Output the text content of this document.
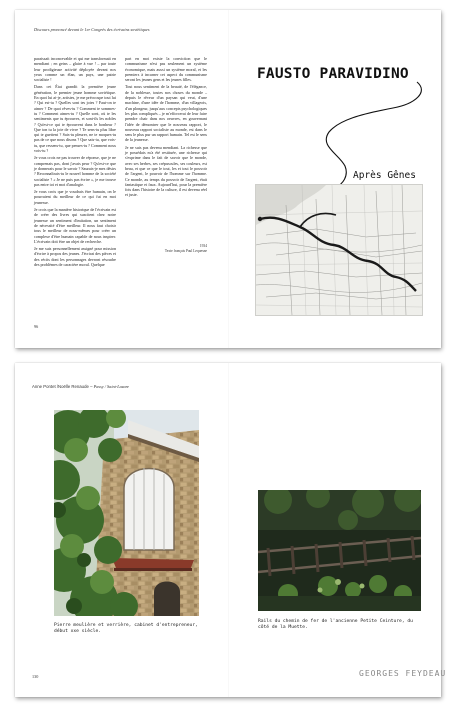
Discours prononcé devant le 1er Congrès des écrivains soviétiques

paraissait inconcevable et qui me transformait en mendiant ; en geins – glaire à vue ! – par toute leur prodigieuse activité déployée devant nos yeux comme un élan, un pays, une patrie socialiste !

Dans cet État grandit la première jeune génération, le premier jeune homme soviétique. En quoi lui ai-je, artistes, je me préoccupe tout lui ? Qui est-tu ? Quelles sont tes joies ? Faut-on te aimer ? De quoi rêves-tu ? Comment te sommes-tu ? Comment aimes-tu ? Quelle sont, où te les sentiments que tu éprouves, et sont-ils les nobles ? Qu'est-ce qui te éprouvent dans le bonheur ? Que ton tu la joie de vivre ? Te sens-tu plus libre qui te guettent ? Sais-tu pleurer, ne te moques-tu pas de ce que nous disons ? Que sais-tu, que vois-tu, que ressens-tu, que penses-tu ? Comment nous vois-tu ?

Je vous crois ne pas trouver de réponse, que je ne comprenais pas, dont j'avais peur ? Qu'est-ce que je donnerais pour le savoir ? Saurais-je mes désirs ? Reconnaîtrais-tu le nouvel homme de la société socialiste ? « Je ne puis pas écrire », je me trouve pas entre toi et moi d'analogie.

Je vous crois que je voudrais être humain, on le pourraient du meilleur de ce qui fut en moi jeunesse.

Je crois que la manière historique de l'écrivain est de créer des livres qui suscitent chez notre jeunesse un sentiment d'imitation, un sentiment de nécessité d'être meilleur. Il nous faut choisir tous le meilleur de nous-mêmes pour créer un complexe d'être humain capable de nous inspirer. L'écrivain doit être un objet de recherche.

Je me suis personnellement assigné pour mission d'écrire à propos des jeunes. J'écrirai des pièces et des récits dont les personnages devront résoudre des problèmes de caractère moral. Quelque

part en moi existe la conviction que le communisme n'est pas seulement un système économique, mais aussi un système moral, et les premiers à incarner cet aspect du communisme seront les jeunes gens et les jeunes filles.

Tout nous sentiment de la beauté, de l'élégance, de la noblesse, toutes nos choses du monde – depuis le rêveur d'un paysan qui veut, d'une machine, d'une idée de l'homme, d'un villageois, d'un plongeur, jusqu'aux concepts psychologiques les plus compliqués – je m'efforcerai de leur faire prendre chair dans nos oeuvres, en gouvernant l'idée de démontrer que le nouveau rapport, le nouveau rapport socialiste au monde, est dans le sens le plus pur un rapport humain. Tel est le sens de la jeunesse.

Je ne suis pas devenu mendiant. La richesse que je possédais m'a été restituée, une richesse qui s'exprime dans le fait de savoir que le monde, avec ses herbes, ses crépuscules, ses couleurs, est beau, et que ce que le tout, les et tout le pouvoir de l'argent, le pouvoir de l'homme sur l'homme. Ce monde, au temps du pouvoir de l'argent, était fantastique et faux. Aujourd'hui, pour la première fois dans l'histoire de la culture, il est devenu réel et juste.

1934
Texte français Paul Lequesne
96
FAUSTO PARAVIDINO
Après Gênes
Anne Pontet /Noëlle Renaude – Passy / Saint-Lazare
Pierre meulière et verrière, cabinet d'entrepreneur, début xxe siècle.
Rails du chemin de fer de l'ancienne Petite Ceinture, du côté de la Muette.
130	GEORGES FEYDEAU
